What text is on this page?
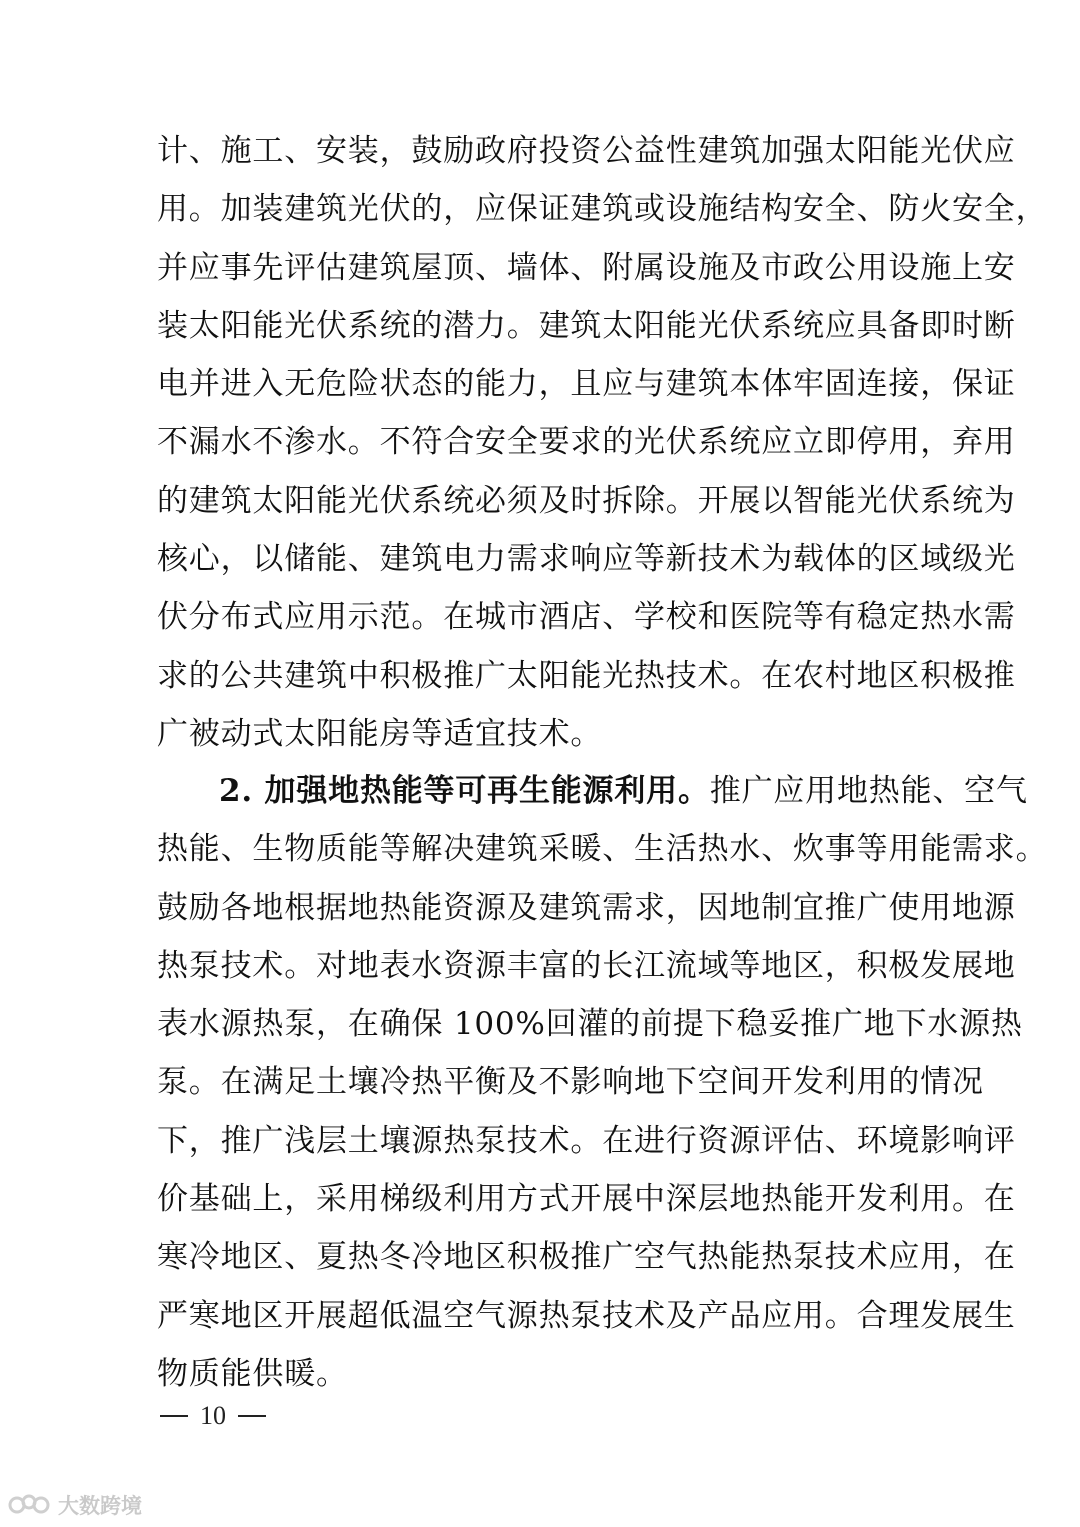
计、施工、安装，鼓励政府投资公益性建筑加强太阳能光伏应
用。加装建筑光伏的，应保证建筑或设施结构安全、防火安全，
并应事先评估建筑屋顶、墙体、附属设施及市政公用设施上安
装太阳能光伏系统的潜力。建筑太阳能光伏系统应具备即时断
电并进入无危险状态的能力，且应与建筑本体牢固连接，保证
不漏水不渗水。不符合安全要求的光伏系统应立即停用，弃用
的建筑太阳能光伏系统必须及时拆除。开展以智能光伏系统为
核心，以储能、建筑电力需求响应等新技术为载体的区域级光
伏分布式应用示范。在城市酒店、学校和医院等有稳定热水需
求的公共建筑中积极推广太阳能光热技术。在农村地区积极推
广被动式太阳能房等适宜技术。
2. 加强地热能等可再生能源利用。推广应用地热能、空气
热能、生物质能等解决建筑采暖、生活热水、炊事等用能需求。
鼓励各地根据地热能资源及建筑需求，因地制宜推广使用地源
热泵技术。对地表水资源丰富的长江流域等地区，积极发展地
表水源热泵，在确保 100%回灌的前提下稳妥推广地下水源热
泵。在满足土壤冷热平衡及不影响地下空间开发利用的情况
下，推广浅层土壤源热泵技术。在进行资源评估、环境影响评
价基础上，采用梯级利用方式开展中深层地热能开发利用。在
寒冷地区、夏热冬冷地区积极推广空气热能热泵技术应用，在
严寒地区开展超低温空气源热泵技术及产品应用。合理发展生
物质能供暖。
10
大数跨境
